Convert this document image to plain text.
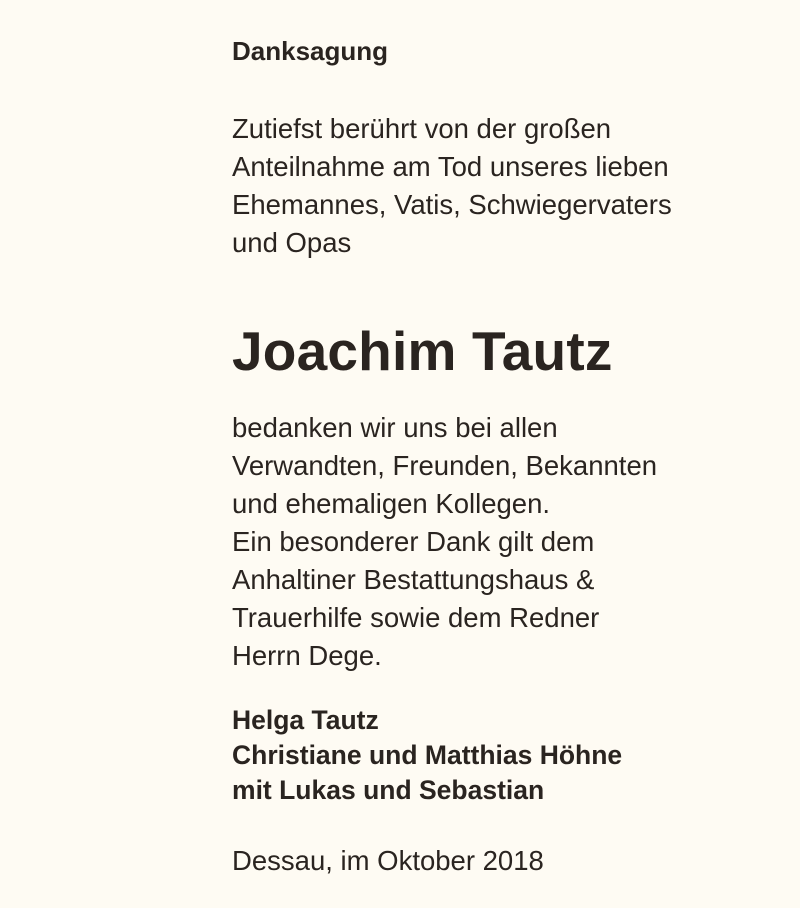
Danksagung

Zutiefst berührt von der großen

Anteilnahme am Tod unseres lieben

Ehemannes, Vatis, Schwiegervaters

und Opas

Joachim Tautz

bedanken wir uns bei allen

Verwandten, Freunden, Bekannten

und ehemaligen Kollegen.

Ein besonderer Dank gilt dem

Anhaltiner Bestattungshaus &

Trauerhilfe sowie dem Redner

Herrn Dege.

Helga Tautz

Christiane und Matthias Höhne

mit Lukas und Sebastian

Dessau, im Oktober 2018
